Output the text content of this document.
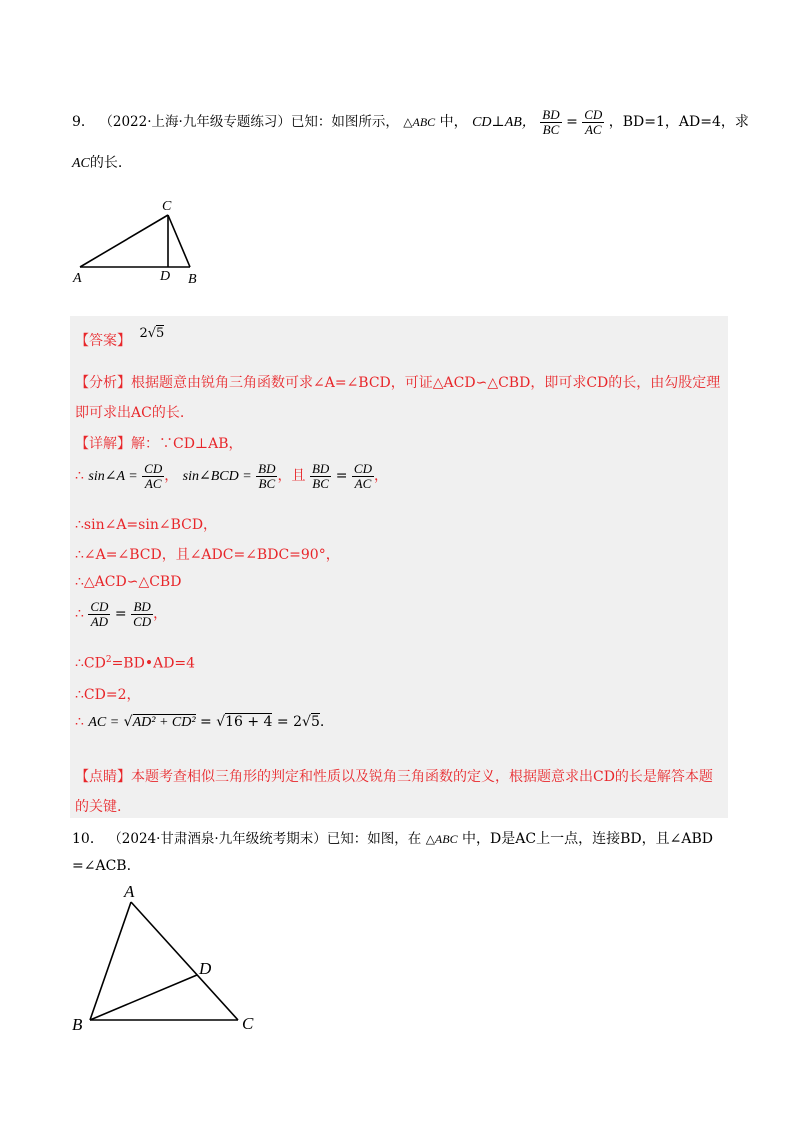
9． （2022·上海·九年级专题练习）已知：如图所示， △ABC 中， CD⊥AB， $\frac{BD}{BC} = \frac{CD}{AC}$ ，BD=1，AD=4，求
AC的长.
C
A	D B
【答案】 2√5
【分析】根据题意由锐角三角函数可求∠A=∠BCD，可证△ACD∽△CBD，即可求CD的长，由勾股定理
即可求出AC的长.
【详解】解：∵CD⊥AB，
∴ sin∠A = $\frac{CD}{AC}$ ， sin∠BCD = $\frac{BD}{BC}$ ，且 $\frac{BD}{BC} = \frac{CD}{AC}$ ，
∴sin∠A=sin∠BCD，
∴∠A=∠BCD，且∠ADC=∠BDC=90°，
∴△ACD∽△CBD
∴ $\frac{CD}{AD} = \frac{BD}{CD}$ ，
$\therefore CD^2=BD•AD=4$
∴CD=2，
∴ AC = √AD² + CD² = √16 + 4 = 2√5.
【点睛】本题考查相似三角形的判定和性质以及锐角三角函数的定义，根据题意求出CD的长是解答本题
的关键.
10． （2024·甘肃酒泉·九年级统考期末）已知：如图，在 △ABC 中，D是AC上一点，连接BD，且∠ABD
=∠ACB.
A
D
B	C
